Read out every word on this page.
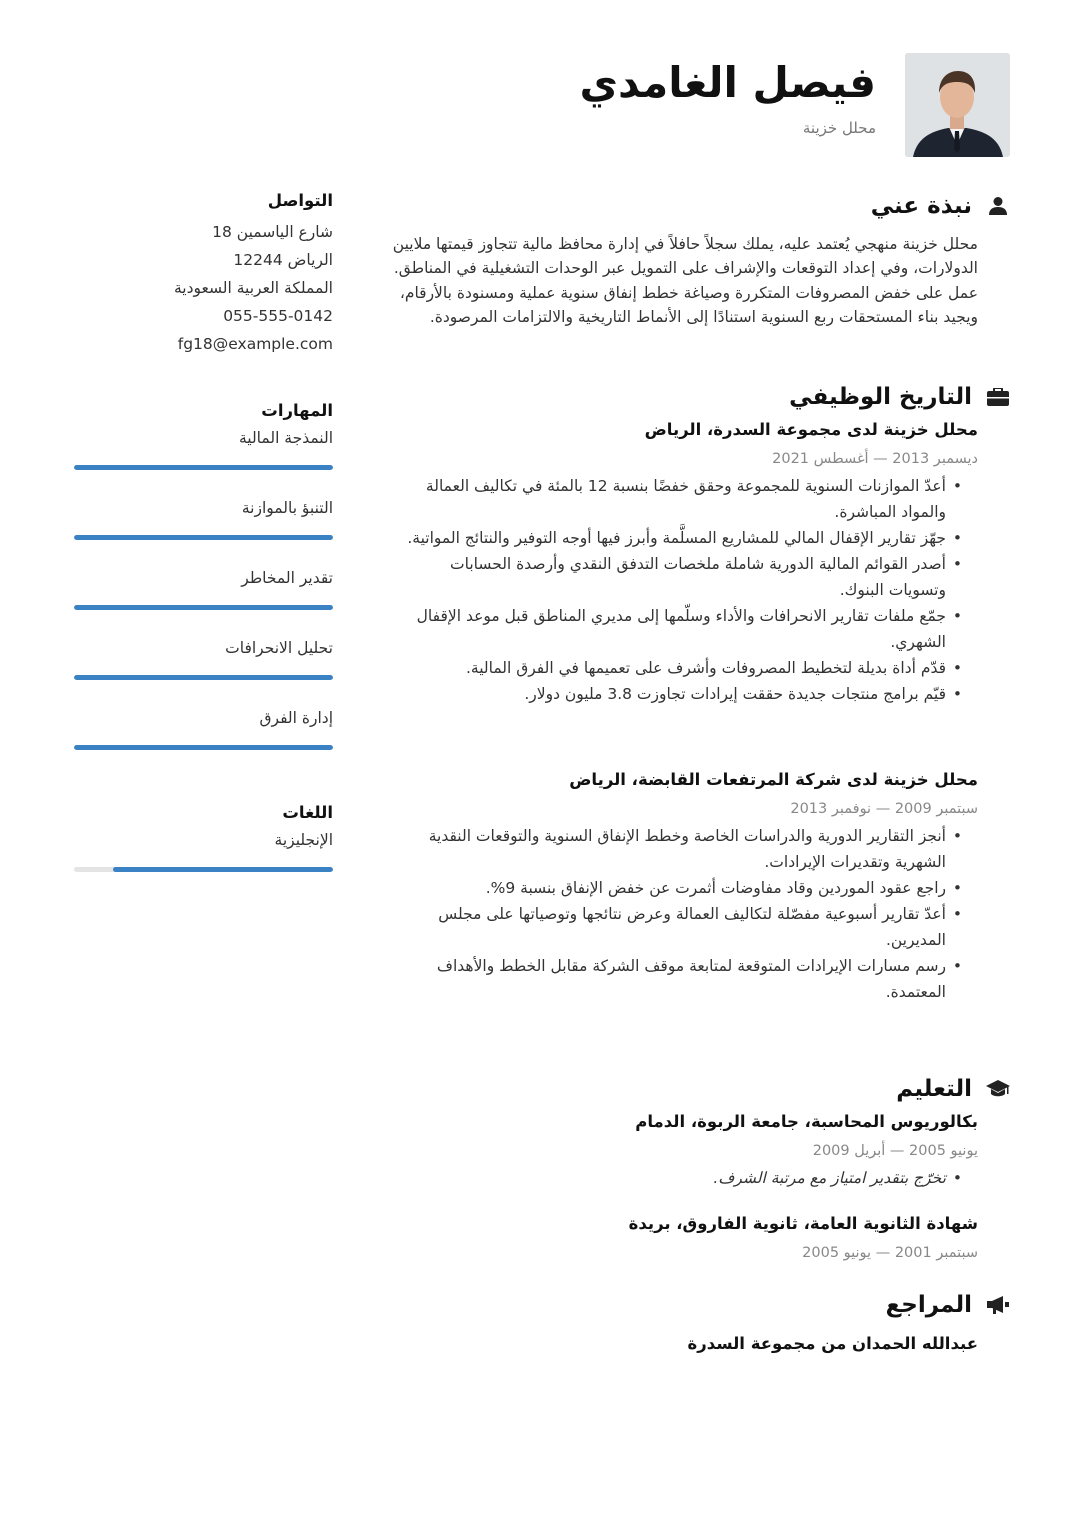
فيصل الغامدي
محلل خزينة
نبذة عني

محلل خزينة منهجي يُعتمد عليه، يملك سجلاً حافلاً في إدارة محافظ مالية تتجاوز قيمتها ملايين الدولارات، وفي إعداد التوقعات والإشراف على التمويل عبر الوحدات التشغيلية في المناطق. عمل على خفض المصروفات المتكررة وصياغة خطط إنفاق سنوية عملية ومسنودة بالأرقام، ويجيد بناء المستحقات ربع السنوية استنادًا إلى الأنماط التاريخية والالتزامات المرصودة.

التاريخ الوظيفي
محلل خزينة لدى مجموعة السدرة، الرياض
ديسمبر 2013 — أغسطس 2021
• أعدّ الموازنات السنوية للمجموعة وحقق خفضًا بنسبة 12 بالمئة في تكاليف العمالة والمواد المباشرة.
• جهّز تقارير الإقفال المالي للمشاريع المسلَّمة وأبرز فيها أوجه التوفير والنتائج المواتية.
• أصدر القوائم المالية الدورية شاملة ملخصات التدفق النقدي وأرصدة الحسابات وتسويات البنوك.
• جمّع ملفات تقارير الانحرافات والأداء وسلّمها إلى مديري المناطق قبل موعد الإقفال الشهري.
• قدّم أداة بديلة لتخطيط المصروفات وأشرف على تعميمها في الفرق المالية.
• قيّم برامج منتجات جديدة حققت إيرادات تجاوزت 3.8 مليون دولار.
محلل خزينة لدى شركة المرتفعات القابضة، الرياض
سبتمبر 2009 — نوفمبر 2013
• أنجز التقارير الدورية والدراسات الخاصة وخطط الإنفاق السنوية والتوقعات النقدية الشهرية وتقديرات الإيرادات.
• راجع عقود الموردين وقاد مفاوضات أثمرت عن خفض الإنفاق بنسبة 9%.
• أعدّ تقارير أسبوعية مفصّلة لتكاليف العمالة وعرض نتائجها وتوصياتها على مجلس المديرين.
• رسم مسارات الإيرادات المتوقعة لمتابعة موقف الشركة مقابل الخطط والأهداف المعتمدة.
التعليم
بكالوريوس المحاسبة، جامعة الربوة، الدمام
يونيو 2005 — أبريل 2009
• تخرّج بتقدير امتياز مع مرتبة الشرف.
شهادة الثانوية العامة، ثانوية الفاروق، بريدة
سبتمبر 2001 — يونيو 2005
المراجع
عبدالله الحمدان من مجموعة السدرة
التواصل
شارع الياسمين 18
الرياض 12244
المملكة العربية السعودية
055-555-0142
fg18@example.com
المهارات
النمذجة المالية
التنبؤ بالموازنة
تقدير المخاطر
تحليل الانحرافات
إدارة الفرق
اللغات
الإنجليزية
